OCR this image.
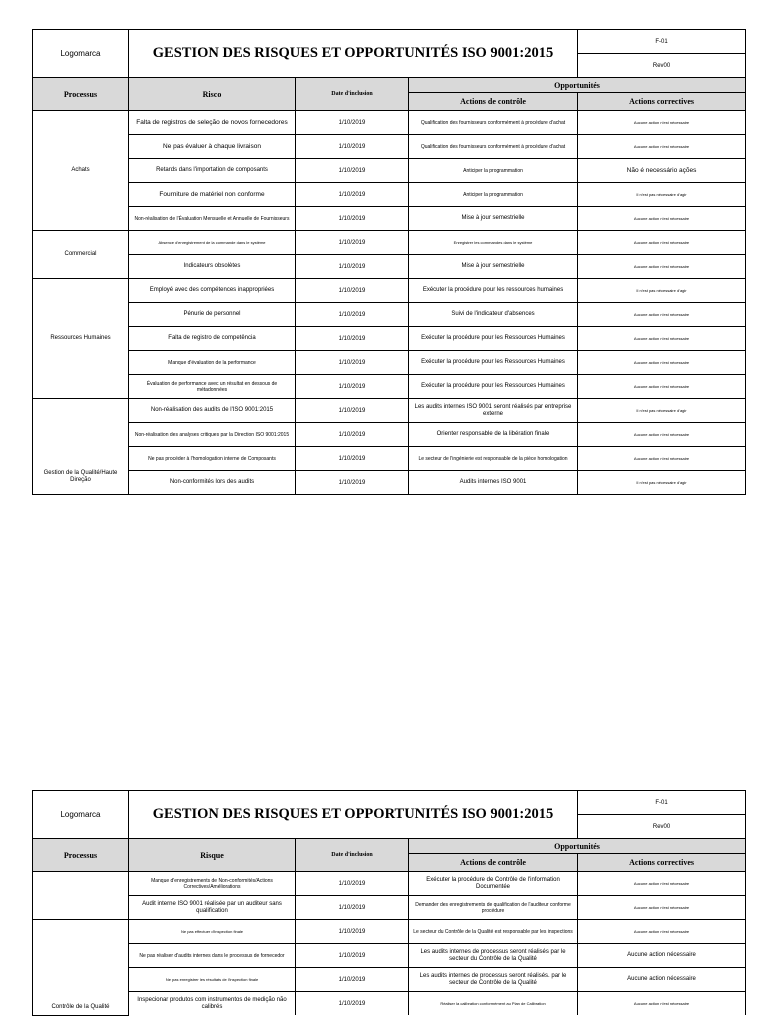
Logomarca	GESTION DES RISQUES ET OPPORTUNITÉS ISO 9001:2015			F-01
				Rev00
Processus	Risco	Date d'inclusion	Opportunités	
			Actions de contrôle	Actions correctives
Achats	Falta de registros de seleção de novos fornecedores	1/10/2019	Qualification des fournisseurs conformément à procédure d'achat	Aucune action n'est nécessaire
	Ne pas évaluer à chaque livraison	1/10/2019	Qualification des fournisseurs conformément à procédure d'achat	Aucune action n'est nécessaire
	Retards dans l'importation de composants	1/10/2019	Anticiper la programmation	Não é necessário ações
	Fourniture de matériel non conforme	1/10/2019	Anticiper la programmation	Il n'est pas nécessaire d'agir
	Non-réalisation de l'Évaluation Mensuelle et Annuelle de Fournisseurs	1/10/2019	Mise à jour semestrielle	Aucune action n'est nécessaire
Commercial	Absence d'enregistrement de la commande dans le système	1/10/2019	Enregistrer les commandes dans le système	Aucune action n'est nécessaire
	Indicateurs obsolètes	1/10/2019	Mise à jour semestrielle	Aucune action n'est nécessaire
Ressources Humaines	Employé avec des compétences inappropriées	1/10/2019	Exécuter la procédure pour les ressources humaines	Il n'est pas nécessaire d'agir
	Pénurie de personnel	1/10/2019	Suivi de l'indicateur d'absences	Aucune action n'est nécessaire
	Falta de registro de competência	1/10/2019	Exécuter la procédure pour les Ressources Humaines	Aucune action n'est nécessaire
	Manque d'évaluation de la performance	1/10/2019	Exécuter la procédure pour les Ressources Humaines	Aucune action n'est nécessaire
	Évaluation de performance avec un résultat en dessous de métadonnées	1/10/2019	Exécuter la procédure pour les Ressources Humaines	Aucune action n'est nécessaire
Gestion de la Qualité/Haute Direção	Non-réalisation des audits de l'ISO 9001:2015	1/10/2019	Les audits internes ISO 9001 seront réalisés par entreprise externe	Il n'est pas nécessaire d'agir
	Non-réalisation des analyses critiques par la Direction ISO 9001:2015	1/10/2019	Orienter responsable de la libération finale	Aucune action n'est nécessaire
	Ne pas procéder à l'homologation interne de Composants	1/10/2019	Le secteur de l'ingénierie est responsable de la pièce homologation	Aucune action n'est nécessaire
	Non-conformités lors des audits	1/10/2019	Audits internes ISO 9001	Il n'est pas nécessaire d'agir
Logomarca	GESTION DES RISQUES ET OPPORTUNITÉS ISO 9001:2015			F-01
				Rev00
Processus	Risque	Date d'inclusion	Opportunités	
			Actions de contrôle	Actions correctives
	Manque d'enregistrements de Non-conformités/Actions Correctives/Améliorations	1/10/2019	Exécuter la procédure de Contrôle de l'information Documentée	Aucune action n'est nécessaire
	Audit interne ISO 9001 réalisée par un auditeur sans qualification	1/10/2019	Demander des enregistrements de qualification de l'auditeur conforme procédure	Aucune action n'est nécessaire
Contrôle de la Qualité	Ne pas effectuer d'inspection finale	1/10/2019	Le secteur du Contrôle de la Qualité est responsable par les inspections	Aucune action n'est nécessaire
	Ne pas réaliser d'audits internes dans le processus de fornecedor	1/10/2019	Les audits internes de processus seront réalisés par le secteur du Contrôle de la Qualité	Aucune action nécessaire
	Ne pas enregistrer les résultats de l'inspection finale	1/10/2019	Les audits internes de processus seront réalisés. par le secteur de Contrôle de la Qualité	Aucune action nécessaire
	Inspecionar produtos com instrumentos de medição não calibrés	1/10/2019	Réaliser la calibration conformément au Plan de Calibration	Aucune action n'est nécessaire
